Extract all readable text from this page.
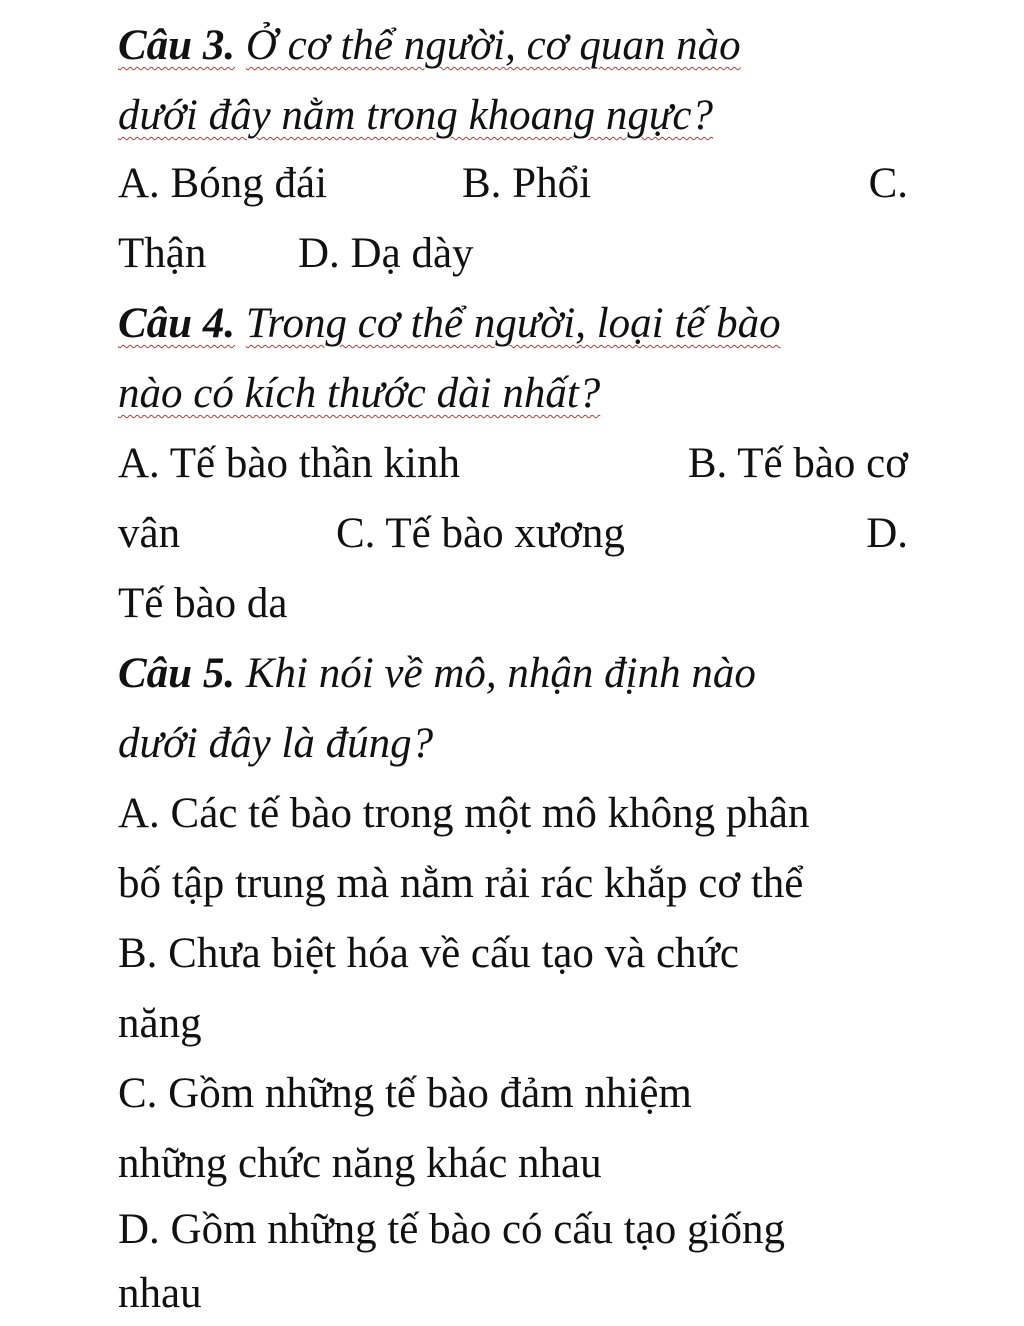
Câu 3. Ở cơ thể người, cơ quan nào
dưới đây nằm trong khoang ngực?
A. Bóng đái	B. Phổi	C.
Thận D. Dạ dày
Câu 4. Trong cơ thể người, loại tế bào
nào có kích thước dài nhất?
A. Tế bào thần kinh	B. Tế bào cơ
vân	C. Tế bào xương	D.
Tế bào da
Câu 5. Khi nói về mô, nhận định nào
dưới đây là đúng?
A. Các tế bào trong một mô không phân
bố tập trung mà nằm rải rác khắp cơ thể
B. Chưa biệt hóa về cấu tạo và chức
năng
C. Gồm những tế bào đảm nhiệm
những chức năng khác nhau
D. Gồm những tế bào có cấu tạo giống
nhau
